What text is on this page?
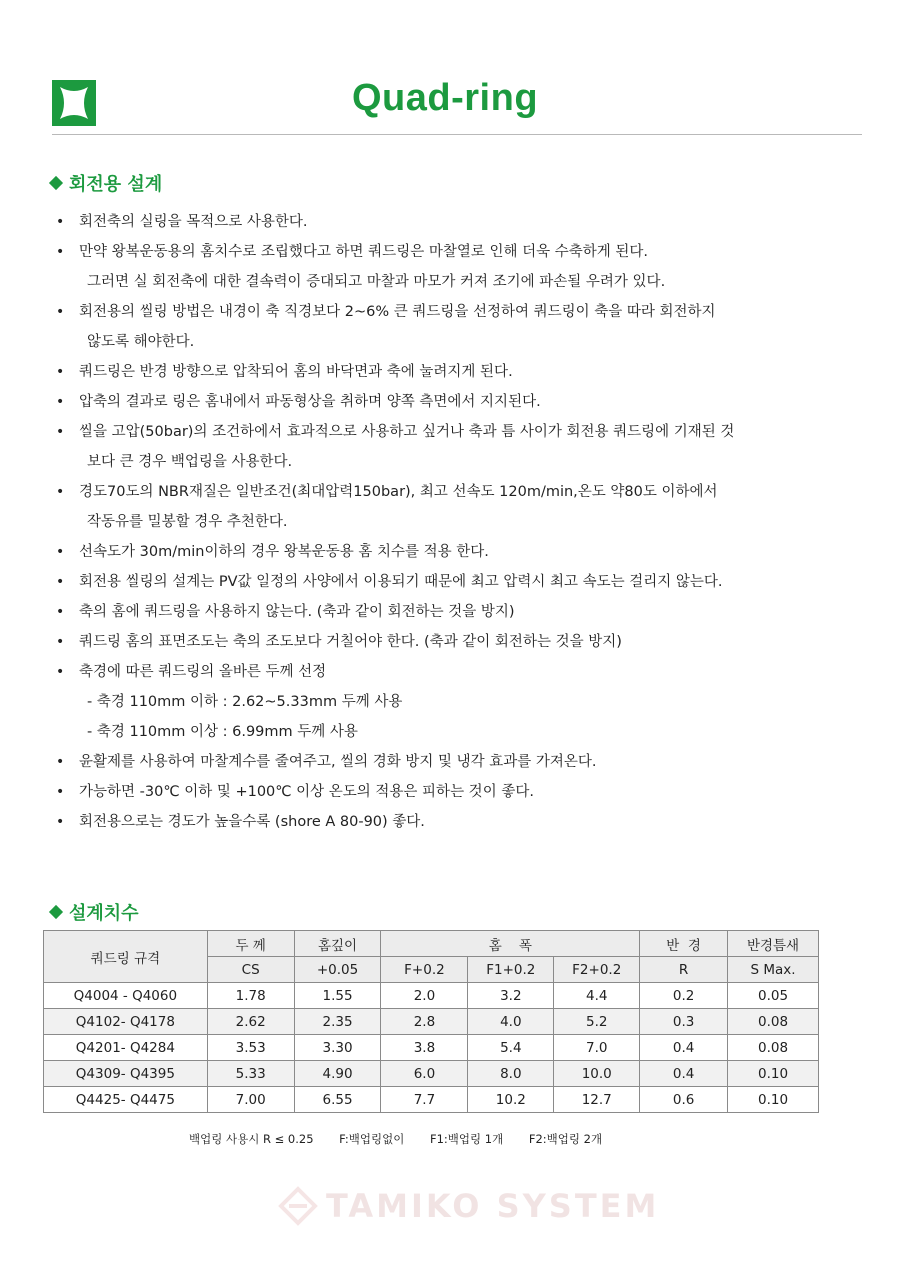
Quad-ring
회전용 설계
• 회전축의 실링을 목적으로 사용한다.
• 만약 왕복운동용의 홈치수로 조립했다고 하면 쿼드링은 마찰열로 인해 더욱 수축하게 된다.
그러면 실 회전축에 대한 결속력이 증대되고 마찰과 마모가 커져 조기에 파손될 우려가 있다.
• 회전용의 씰링 방법은 내경이 축 직경보다 2~6% 큰 쿼드링을 선정하여 쿼드링이 축을 따라 회전하지
않도록 해야한다.
• 쿼드링은 반경 방향으로 압착되어 홈의 바닥면과 축에 눌려지게 된다.
• 압축의 결과로 링은 홈내에서 파동형상을 취하며 양쪽 측면에서 지지된다.
• 씰을 고압(50bar)의 조건하에서 효과적으로 사용하고 싶거나 축과 틈 사이가 회전용 쿼드링에 기재된 것
보다 큰 경우 백업링을 사용한다.
• 경도70도의 NBR재질은 일반조건(최대압력150bar), 최고 선속도 120m/min,온도 약80도 이하에서
작동유를 밀봉할 경우 추천한다.
• 선속도가 30m/min이하의 경우 왕복운동용 홈 치수를 적용 한다.
• 회전용 씰링의 설계는 PV값 일정의 사양에서 이용되기 때문에 최고 압력시 최고 속도는 걸리지 않는다.
• 축의 홈에 쿼드링을 사용하지 않는다. (축과 같이 회전하는 것을 방지)
• 쿼드링 홈의 표면조도는 축의 조도보다 거칠어야 한다. (축과 같이 회전하는 것을 방지)
• 축경에 따른 쿼드링의 올바른 두께 선정
- 축경 110mm 이하 : 2.62~5.33mm 두께 사용
- 축경 110mm 이상 : 6.99mm 두께 사용
• 윤활제를 사용하여 마찰계수를 줄여주고, 씰의 경화 방지 및 냉각 효과를 가져온다.
• 가능하면 -30℃ 이하 및 +100℃ 이상 온도의 적용은 피하는 것이 좋다.
• 회전용으로는 경도가 높을수록 (shore A 80-90) 좋다.
설계치수
쿼드링 규격	두 께	홈깊이	홈    폭			반  경	반경틈새
	CS	+0.05	F+0.2	F1+0.2	F2+0.2	R	S Max.
Q4004 - Q4060	1.78	1.55	2.0	3.2	4.4	0.2	0.05
Q4102- Q4178	2.62	2.35	2.8	4.0	5.2	0.3	0.08
Q4201- Q4284	3.53	3.30	3.8	5.4	7.0	0.4	0.08
Q4309- Q4395	5.33	4.90	6.0	8.0	10.0	0.4	0.10
Q4425- Q4475	7.00	6.55	7.7	10.2	12.7	0.6	0.10
백업링 사용시 R ≤ 0.25 F:백업링없이 F1:백업링 1개 F2:백업링 2개
TAMIKO SYSTEM
